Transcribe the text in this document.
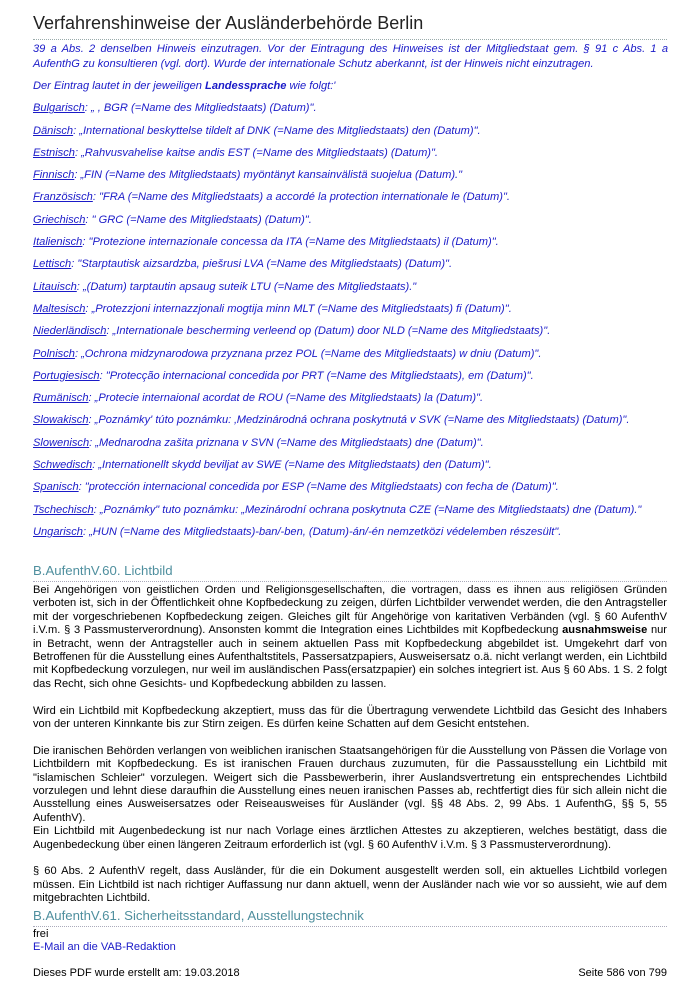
Verfahrenshinweise der Ausländerbehörde Berlin

39 a Abs. 2 denselben Hinweis einzutragen. Vor der Eintragung des Hinweises ist der Mitgliedstaat gem. § 91 c Abs. 1 a AufenthG zu konsultieren (vgl. dort). Wurde der internationale Schutz aberkannt, ist der Hinweis nicht einzutragen.

Der Eintrag lautet in der jeweiligen Landessprache wie folgt:'

Bulgarisch: „ , BGR (=Name des Mitgliedstaats) (Datum)".

Dänisch: „International beskyttelse tildelt af DNK (=Name des Mitgliedstaats) den (Datum)".

Estnisch: „Rahvusvahelise kaitse andis EST (=Name des Mitgliedstaats) (Datum)".

Finnisch: „FIN (=Name des Mitgliedstaats) myöntänyt kansainvälistä suojelua (Datum)."

Französisch: "FRA (=Name des Mitgliedstaats) a accordé la protection internationale le (Datum)".

Griechisch: " GRC (=Name des Mitgliedstaats) (Datum)".

Italienisch: "Protezione internazionale concessa da ITA (=Name des Mitgliedstaats) il (Datum)".

Lettisch: "Starptautisk aizsardzba, piešrusi LVA (=Name des Mitgliedstaats) (Datum)".

Litauisch: „(Datum) tarptautin apsaug suteik LTU (=Name des Mitgliedstaats)."

Maltesisch: „Protezzjoni internazzjonali mogtija minn MLT (=Name des Mitgliedstaats) fi (Datum)".

Niederländisch: „Internationale bescherming verleend op (Datum) door NLD (=Name des Mitgliedstaats)".

Polnisch: „Ochrona midzynarodowa przyznana przez POL (=Name des Mitgliedstaats) w dniu (Datum)".

Portugiesisch: "Protecção internacional concedida por PRT (=Name des Mitgliedstaats), em (Datum)".

Rumänisch: „Protecie internaional acordat de ROU (=Name des Mitgliedstaats) la (Datum)".

Slowakisch: „Poznámky' túto poznámku: ‚Medzinárodná ochrana poskytnutá v SVK (=Name des Mitgliedstaats) (Datum)".

Slowenisch: „Mednarodna zašita priznana v SVN (=Name des Mitgliedstaats) dne (Datum)".

Schwedisch: „Internationellt skydd beviljat av SWE (=Name des Mitgliedstaats) den (Datum)".

Spanisch: "protección internacional concedida por ESP (=Name des Mitgliedstaats) con fecha de (Datum)".

Tschechisch: „Poznámky" tuto poznámku: „Mezinárodní ochrana poskytnuta CZE (=Name des Mitgliedstaats) dne (Datum)."

Ungarisch: „HUN (=Name des Mitgliedstaats)-ban/-ben, (Datum)-án/-én nemzetközi védelemben részesült".

B.AufenthV.60. Lichtbild

Bei Angehörigen von geistlichen Orden und Religionsgesellschaften, die vortragen, dass es ihnen aus religiösen Gründen verboten ist, sich in der Öffentlichkeit ohne Kopfbedeckung zu zeigen, dürfen Lichtbilder verwendet werden, die den Antragsteller mit der vorgeschriebenen Kopfbedeckung zeigen. Gleiches gilt für Angehörige von karitativen Verbänden (vgl. § 60 AufenthV i.V.m. § 3 Passmusterverordnung). Ansonsten kommt die Integration eines Lichtbildes mit Kopfbedeckung ausnahmsweise nur in Betracht, wenn der Antragsteller auch in seinem aktuellen Pass mit Kopfbedeckung abgebildet ist. Umgekehrt darf von Betroffenen für die Ausstellung eines Aufenthaltstitels, Passersatzpapiers, Ausweisersatz o.ä. nicht verlangt werden, ein Lichtbild mit Kopfbedeckung vorzulegen, nur weil im ausländischen Pass(ersatzpapier) ein solches integriert ist. Aus § 60 Abs. 1 S. 2 folgt das Recht, sich ohne Gesichts- und Kopfbedeckung abbilden zu lassen.

Wird ein Lichtbild mit Kopfbedeckung akzeptiert, muss das für die Übertragung verwendete Lichtbild das Gesicht des Inhabers von der unteren Kinnkante bis zur Stirn zeigen. Es dürfen keine Schatten auf dem Gesicht entstehen.

Die iranischen Behörden verlangen von weiblichen iranischen Staatsangehörigen für die Ausstellung von Pässen die Vorlage von Lichtbildern mit Kopfbedeckung. Es ist iranischen Frauen durchaus zuzumuten, für die Passausstellung ein Lichtbild mit "islamischen Schleier" vorzulegen. Weigert sich die Passbewerberin, ihrer Auslandsvertretung ein entsprechendes Lichtbild vorzulegen und lehnt diese daraufhin die Ausstellung eines neuen iranischen Passes ab, rechtfertigt dies für sich allein nicht die Ausstellung eines Ausweisersatzes oder Reiseausweises für Ausländer (vgl. §§ 48 Abs. 2, 99 Abs. 1 AufenthG, §§ 5, 55 AufenthV).

Ein Lichtbild mit Augenbedeckung ist nur nach Vorlage eines ärztlichen Attestes zu akzeptieren, welches bestätigt, dass die Augenbedeckung über einen längeren Zeitraum erforderlich ist (vgl. § 60 AufenthV i.V.m. § 3 Passmusterverordnung).

§ 60 Abs. 2 AufenthV regelt, dass Ausländer, für die ein Dokument ausgestellt werden soll, ein aktuelles Lichtbild vorlegen müssen. Ein Lichtbild ist nach richtiger Auffassung nur dann aktuell, wenn der Ausländer nach wie vor so aussieht, wie auf dem mitgebrachten Lichtbild.

B.AufenthV.61. Sicherheitsstandard, Ausstellungstechnik
frei
E-Mail an die VAB-Redaktion
Dieses PDF wurde erstellt am: 19.03.2018	Seite 586 von 799
